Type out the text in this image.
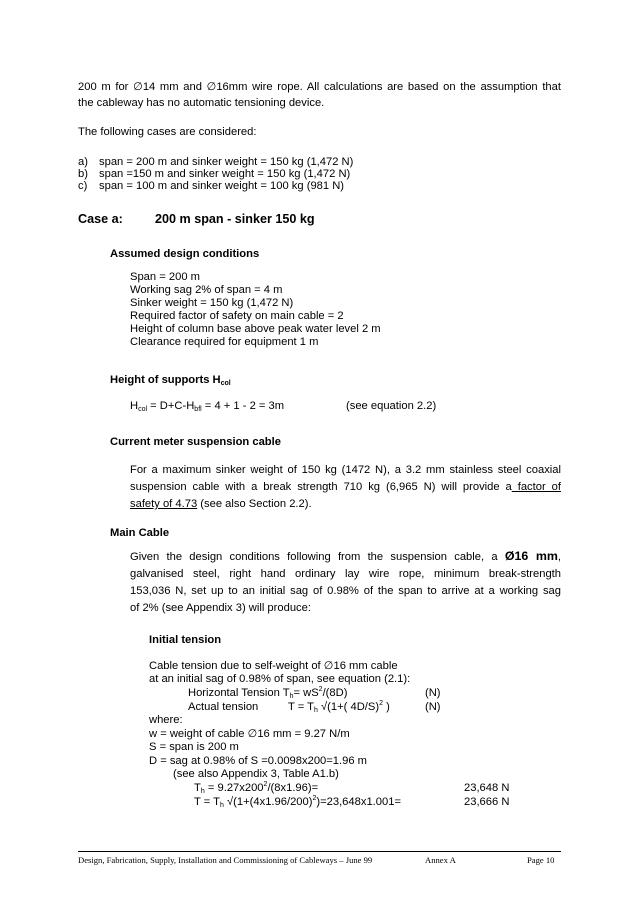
200 m for ∅14 mm and ∅16mm wire rope. All calculations are based on the assumption that
the cableway has no automatic tensioning device.
The following cases are considered:
a) span = 200 m and sinker weight = 150 kg (1,472 N)
b) span =150 m and sinker weight = 150 kg (1,472 N)
c) span = 100 m and sinker weight = 100 kg (981 N)
Case a:	200 m span - sinker 150 kg
Assumed design conditions
Span = 200 m
Working sag 2% of span = 4 m
Sinker weight = 150 kg (1,472 N)
Required factor of safety on main cable = 2
Height of column base above peak water level 2 m
Clearance required for equipment 1 m
Height of supports $H_{col}$
$H_{col} = D+C-H_{bfl} = 4 + 1 - 2 = 3m$	(see equation 2.2)
Current meter suspension cable
For a maximum sinker weight of 150 kg (1472 N), a 3.2 mm stainless steel coaxial
suspension cable with a break strength 710 kg (6,965 N) will provide a factor of
safety of 4.73 (see also Section 2.2).
Main Cable
Given the design conditions following from the suspension cable, a Ø16 mm,
galvanised steel, right hand ordinary lay wire rope, minimum break-strength
153,036 N, set up to an initial sag of 0.98% of the span to arrive at a working sag
of 2% (see Appendix 3) will produce:
Initial tension
Cable tension due to self-weight of ∅16 mm cable
at an initial sag of 0.98% of span, see equation (2.1):
Horizontal Tension $T_h= wS^2/(8D)$	(N)
Actual tension	$T = T_h$ √(1+( 4D/S)$^2$ )	(N)
where:
w = weight of cable ∅16 mm = 9.27 N/m
S = span is 200 m
D = sag at 0.98% of S =0.0098x200=1.96 m
(see also Appendix 3, Table A1.b)
$T_h = 9.27x200^2/(8x1.96)=$	23,648 N
$T = T_h$ $√(1+(4x1.96/200)^2)=23,648x1.001=$	23,666 N
Design, Fabrication, Supply, Installation and Commissioning of Cableways – June 99	Annex A	Page 10
